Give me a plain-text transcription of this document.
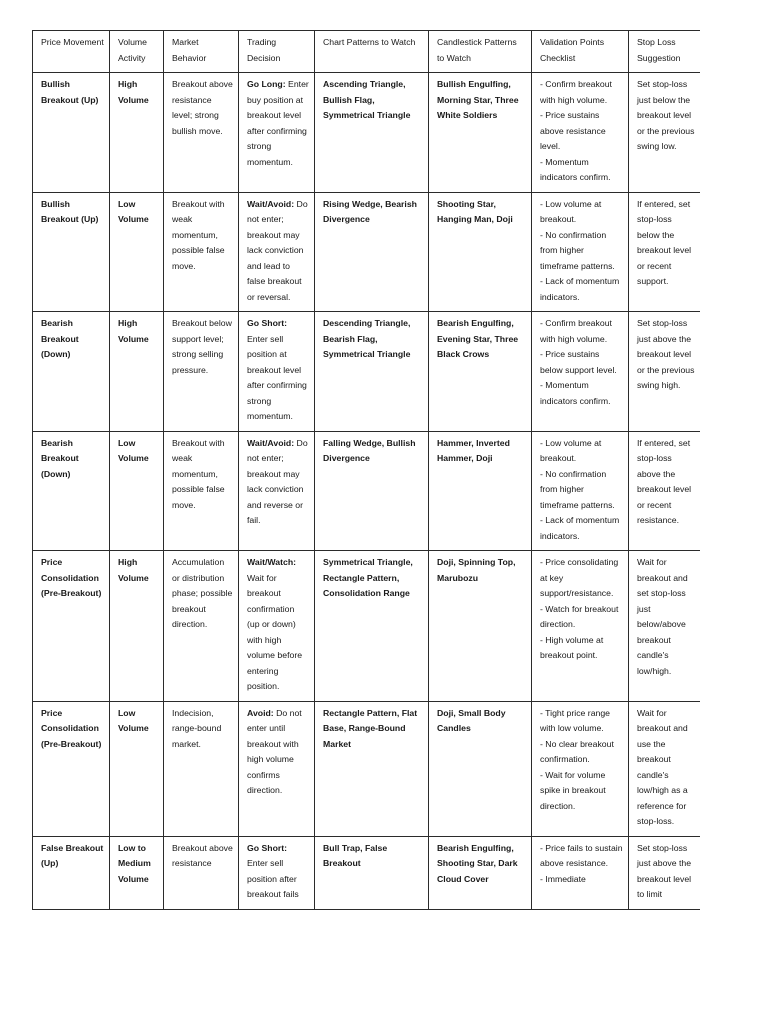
Price Movement	Volume Activity	Market Behavior	Trading Decision	Chart Patterns to Watch	Candlestick Patterns to Watch	Validation Points Checklist	Stop Loss Suggestion
Bullish Breakout (Up)	High Volume	Breakout above resistance level; strong bullish move.	Go Long: Enter buy position at breakout level after confirming strong momentum.	Ascending Triangle, Bullish Flag, Symmetrical Triangle	Bullish Engulfing, Morning Star, Three White Soldiers	- Confirm breakout with high volume.
- Price sustains above resistance level.
- Momentum indicators confirm.	Set stop-loss just below the breakout level or the previous swing low.
Bullish Breakout (Up)	Low Volume	Breakout with weak momentum, possible false move.	Wait/Avoid: Do not enter; breakout may lack conviction and lead to false breakout or reversal.	Rising Wedge, Bearish Divergence	Shooting Star, Hanging Man, Doji	- Low volume at breakout.
- No confirmation from higher timeframe patterns.
- Lack of momentum indicators.	If entered, set stop-loss below the breakout level or recent support.
Bearish Breakout (Down)	High Volume	Breakout below support level; strong selling pressure.	Go Short: Enter sell position at breakout level after confirming strong momentum.	Descending Triangle, Bearish Flag, Symmetrical Triangle	Bearish Engulfing, Evening Star, Three Black Crows	- Confirm breakout with high volume.
- Price sustains below support level.
- Momentum indicators confirm.	Set stop-loss just above the breakout level or the previous swing high.
Bearish Breakout (Down)	Low Volume	Breakout with weak momentum, possible false move.	Wait/Avoid: Do not enter; breakout may lack conviction and reverse or fail.	Falling Wedge, Bullish Divergence	Hammer, Inverted Hammer, Doji	- Low volume at breakout.
- No confirmation from higher timeframe patterns.
- Lack of momentum indicators.	If entered, set stop-loss above the breakout level or recent resistance.
Price Consolidation (Pre-Breakout)	High Volume	Accumulation or distribution phase; possible breakout direction.	Wait/Watch: Wait for breakout confirmation (up or down) with high volume before entering position.	Symmetrical Triangle, Rectangle Pattern, Consolidation Range	Doji, Spinning Top, Marubozu	- Price consolidating at key support/resistance.
- Watch for breakout direction.
- High volume at breakout point.	Wait for breakout and set stop-loss just below/above breakout candle's low/high.
Price Consolidation (Pre-Breakout)	Low Volume	Indecision, range-bound market.	Avoid: Do not enter until breakout with high volume confirms direction.	Rectangle Pattern, Flat Base, Range-Bound Market	Doji, Small Body Candles	- Tight price range with low volume.
- No clear breakout confirmation.
- Wait for volume spike in breakout direction.	Wait for breakout and use the breakout candle's low/high as a reference for stop-loss.
False Breakout (Up)	Low to Medium Volume	Breakout above resistance	Go Short: Enter sell position after breakout fails	Bull Trap, False Breakout	Bearish Engulfing, Shooting Star, Dark Cloud Cover	- Price fails to sustain above resistance.
- Immediate	Set stop-loss just above the breakout level to limit
